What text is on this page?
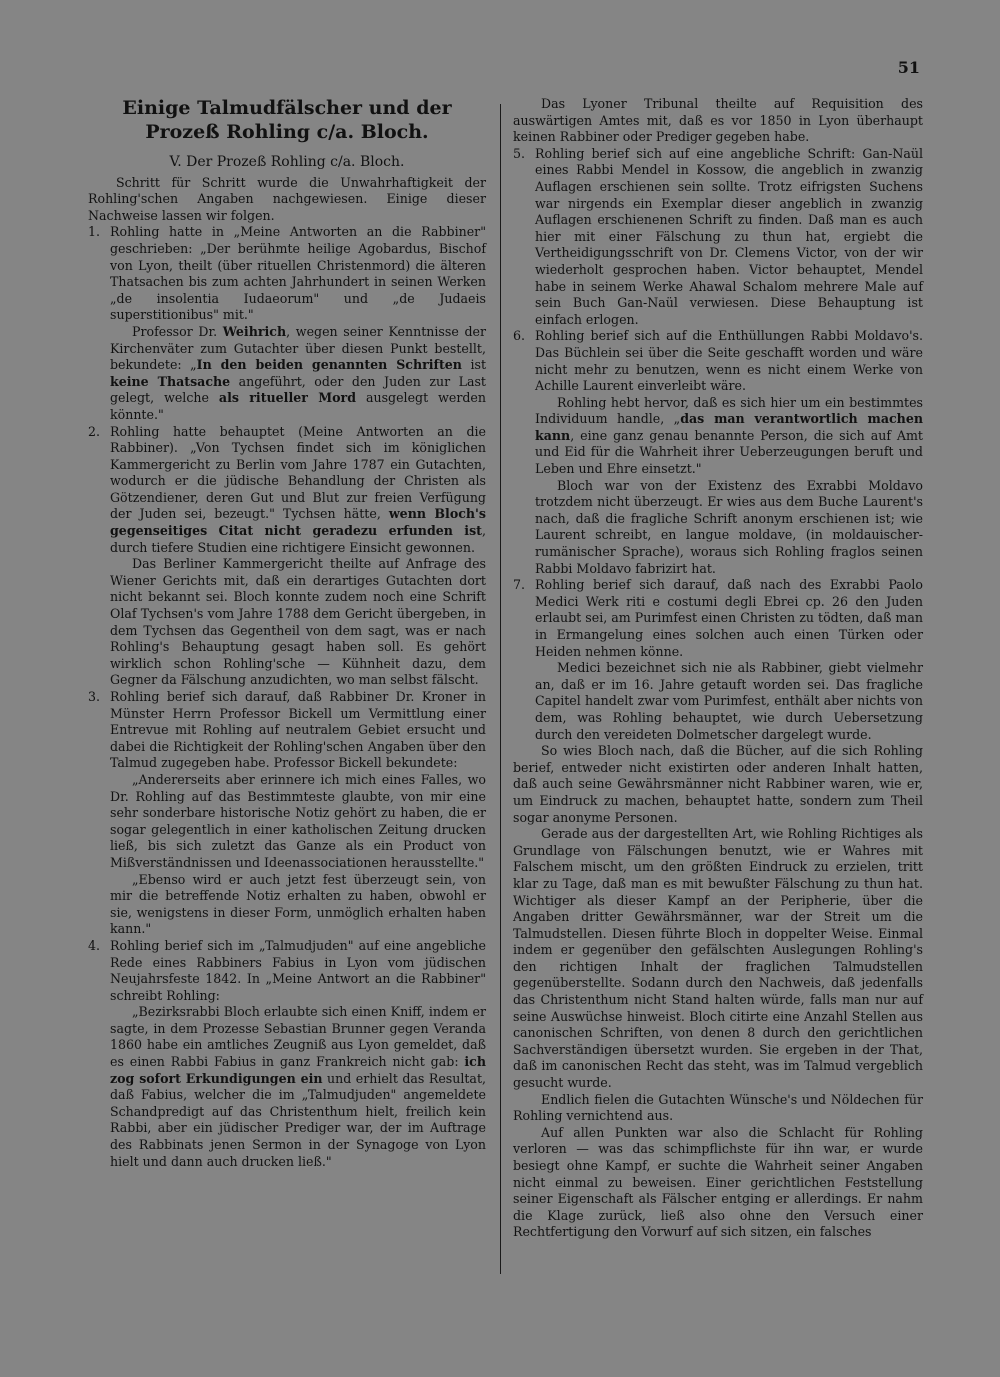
51
Einige Talmudfälscher und der Prozeß Rohling c/a. Bloch.

V. Der Prozeß Rohling c/a. Bloch.

Schritt für Schritt wurde die Unwahrhaftigkeit der Rohling'schen Angaben nachgewiesen. Einige dieser Nachweise lassen wir folgen.

1. Rohling hatte in „Meine Antworten an die Rabbiner" geschrieben: „Der berühmte heilige Agobardus, Bischof von Lyon, theilt (über rituellen Christenmord) die älteren Thatsachen bis zum achten Jahrhundert in seinen Werken „de insolentia Iudaeorum" und „de Judaeis superstitionibus" mit."

Professor Dr. Weihrich, wegen seiner Kenntnisse der Kirchenväter zum Gutachter über diesen Punkt bestellt, bekundete: „In den beiden genannten Schriften ist keine Thatsache angeführt, oder den Juden zur Last gelegt, welche als ritueller Mord ausgelegt werden könnte."

2. Rohling hatte behauptet (Meine Antworten an die Rabbiner). „Von Tychsen findet sich im königlichen Kammergericht zu Berlin vom Jahre 1787 ein Gutachten, wodurch er die jüdische Behandlung der Christen als Götzendiener, deren Gut und Blut zur freien Verfügung der Juden sei, bezeugt." Tychsen hätte, wenn Bloch's gegenseitiges Citat nicht geradezu erfunden ist, durch tiefere Studien eine richtigere Einsicht gewonnen.

Das Berliner Kammergericht theilte auf Anfrage des Wiener Gerichts mit, daß ein derartiges Gutachten dort nicht bekannt sei. Bloch konnte zudem noch eine Schrift Olaf Tychsen's vom Jahre 1788 dem Gericht übergeben, in dem Tychsen das Gegentheil von dem sagt, was er nach Rohling's Behauptung gesagt haben soll. Es gehört wirklich schon Rohling'sche — Kühnheit dazu, dem Gegner da Fälschung anzudichten, wo man selbst fälscht.

3. Rohling berief sich darauf, daß Rabbiner Dr. Kroner in Münster Herrn Professor Bickell um Vermittlung einer Entrevue mit Rohling auf neutralem Gebiet ersucht und dabei die Richtigkeit der Rohling'schen Angaben über den Talmud zugegeben habe. Professor Bickell bekundete:

„Andererseits aber erinnere ich mich eines Falles, wo Dr. Rohling auf das Bestimmteste glaubte, von mir eine sehr sonderbare historische Notiz gehört zu haben, die er sogar gelegentlich in einer katholischen Zeitung drucken ließ, bis sich zuletzt das Ganze als ein Product von Mißverständnissen und Ideenassociationen herausstellte."

„Ebenso wird er auch jetzt fest überzeugt sein, von mir die betreffende Notiz erhalten zu haben, obwohl er sie, wenigstens in dieser Form, unmöglich erhalten haben kann."

4. Rohling berief sich im „Talmudjuden" auf eine angebliche Rede eines Rabbiners Fabius in Lyon vom jüdischen Neujahrsfeste 1842. In „Meine Antwort an die Rabbiner" schreibt Rohling:

„Bezirksrabbi Bloch erlaubte sich einen Kniff, indem er sagte, in dem Prozesse Sebastian Brunner gegen Veranda 1860 habe ein amtliches Zeugniß aus Lyon gemeldet, daß es einen Rabbi Fabius in ganz Frankreich nicht gab: ich zog sofort Erkundigungen ein und erhielt das Resultat, daß Fabius, welcher die im „Talmudjuden" angemeldete Schandpredigt auf das Christenthum hielt, freilich kein Rabbi, aber ein jüdischer Prediger war, der im Auftrage des Rabbinats jenen Sermon in der Synagoge von Lyon hielt und dann auch drucken ließ."

Das Lyoner Tribunal theilte auf Requisition des auswärtigen Amtes mit, daß es vor 1850 in Lyon überhaupt keinen Rabbiner oder Prediger gegeben habe.

5. Rohling berief sich auf eine angebliche Schrift: Gan-Naül eines Rabbi Mendel in Kossow, die angeblich in zwanzig Auflagen erschienen sein sollte. Trotz eifrigsten Suchens war nirgends ein Exemplar dieser angeblich in zwanzig Auflagen erschienenen Schrift zu finden. Daß man es auch hier mit einer Fälschung zu thun hat, ergiebt die Vertheidigungsschrift von Dr. Clemens Victor, von der wir wiederholt gesprochen haben. Victor behauptet, Mendel habe in seinem Werke Ahawal Schalom mehrere Male auf sein Buch Gan-Naül verwiesen. Diese Behauptung ist einfach erlogen.

6. Rohling berief sich auf die Enthüllungen Rabbi Moldavo's. Das Büchlein sei über die Seite geschafft worden und wäre nicht mehr zu benutzen, wenn es nicht einem Werke von Achille Laurent einverleibt wäre.

Rohling hebt hervor, daß es sich hier um ein bestimmtes Individuum handle, „das man verantwortlich machen kann, eine ganz genau benannte Person, die sich auf Amt und Eid für die Wahrheit ihrer Ueberzeugungen beruft und Leben und Ehre einsetzt."

Bloch war von der Existenz des Exrabbi Moldavo trotzdem nicht überzeugt. Er wies aus dem Buche Laurent's nach, daß die fragliche Schrift anonym erschienen ist; wie Laurent schreibt, en langue moldave, (in moldauischer-rumänischer Sprache), woraus sich Rohling fraglos seinen Rabbi Moldavo fabrizirt hat.

7. Rohling berief sich darauf, daß nach des Exrabbi Paolo Medici Werk riti e costumi degli Ebrei cp. 26 den Juden erlaubt sei, am Purimfest einen Christen zu tödten, daß man in Ermangelung eines solchen auch einen Türken oder Heiden nehmen könne.

Medici bezeichnet sich nie als Rabbiner, giebt vielmehr an, daß er im 16. Jahre getauft worden sei. Das fragliche Capitel handelt zwar vom Purimfest, enthält aber nichts von dem, was Rohling behauptet, wie durch Uebersetzung durch den vereideten Dolmetscher dargelegt wurde.

So wies Bloch nach, daß die Bücher, auf die sich Rohling berief, entweder nicht existirten oder anderen Inhalt hatten, daß auch seine Gewährsmänner nicht Rabbiner waren, wie er, um Eindruck zu machen, behauptet hatte, sondern zum Theil sogar anonyme Personen.

Gerade aus der dargestellten Art, wie Rohling Richtiges als Grundlage von Fälschungen benutzt, wie er Wahres mit Falschem mischt, um den größten Eindruck zu erzielen, tritt klar zu Tage, daß man es mit bewußter Fälschung zu thun hat. Wichtiger als dieser Kampf an der Peripherie, über die Angaben dritter Gewährsmänner, war der Streit um die Talmudstellen. Diesen führte Bloch in doppelter Weise. Einmal indem er gegenüber den gefälschten Auslegungen Rohling's den richtigen Inhalt der fraglichen Talmudstellen gegenüberstellte. Sodann durch den Nachweis, daß jedenfalls das Christenthum nicht Stand halten würde, falls man nur auf seine Auswüchse hinweist. Bloch citirte eine Anzahl Stellen aus canonischen Schriften, von denen 8 durch den gerichtlichen Sachverständigen übersetzt wurden. Sie ergeben in der That, daß im canonischen Recht das steht, was im Talmud vergeblich gesucht wurde.

Endlich fielen die Gutachten Wünsche's und Nöldechen für Rohling vernichtend aus.

Auf allen Punkten war also die Schlacht für Rohling verloren — was das schimpflichste für ihn war, er wurde besiegt ohne Kampf, er suchte die Wahrheit seiner Angaben nicht einmal zu beweisen. Einer gerichtlichen Feststellung seiner Eigenschaft als Fälscher entging er allerdings. Er nahm die Klage zurück, ließ also ohne den Versuch einer Rechtfertigung den Vorwurf auf sich sitzen, ein falsches
